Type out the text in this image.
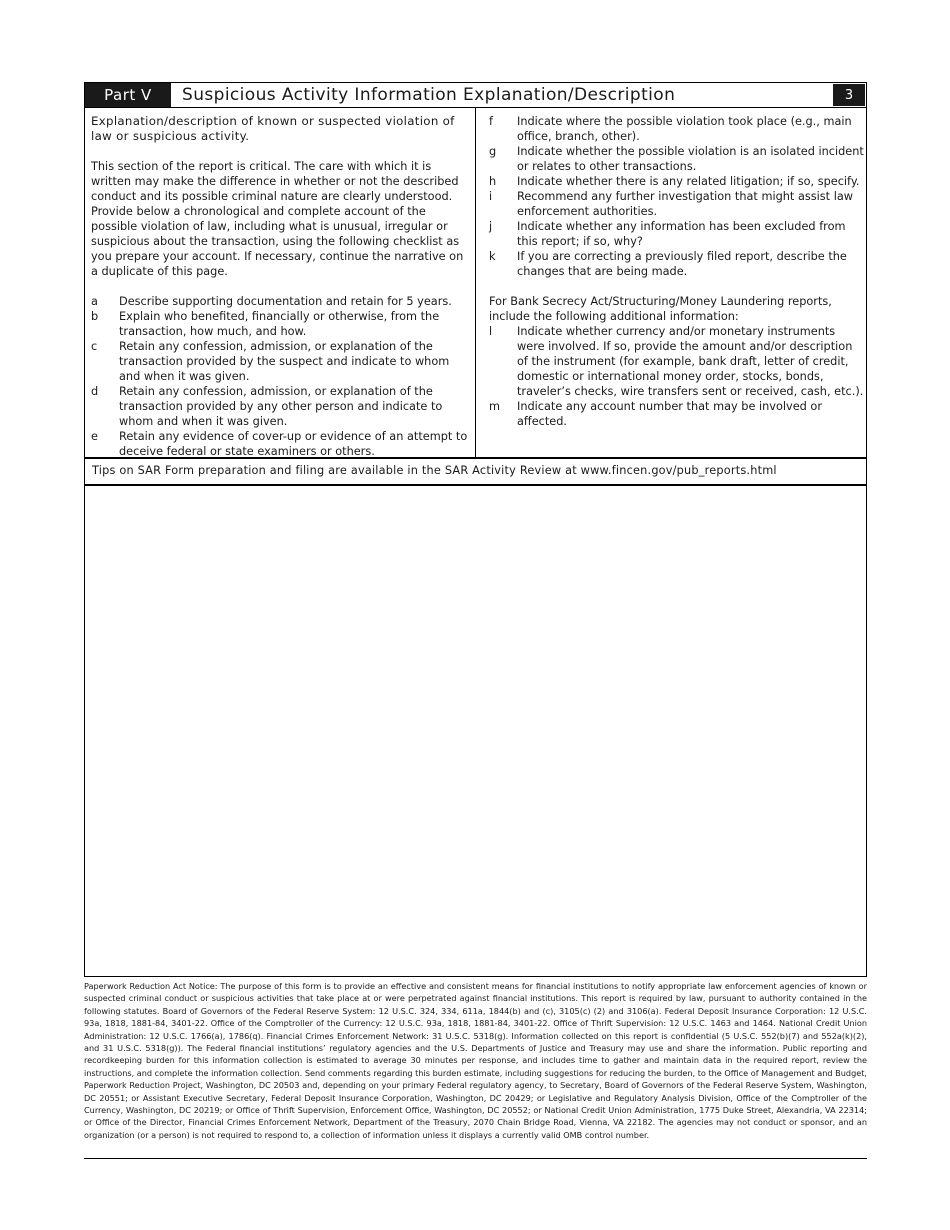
Part V	Suspicious Activity Information Explanation/Description	3
Explanation/description of known or suspected violation of law or suspicious activity.
This section of the report is critical. The care with which it is written may make the difference in whether or not the described conduct and its possible criminal nature are clearly understood. Provide below a chronological and complete account of the possible violation of law, including what is unusual, irregular or suspicious about the transaction, using the following checklist as you prepare your account. If necessary, continue the narrative on a duplicate of this page.
a	Describe supporting documentation and retain for 5 years.
b	Explain who benefited, financially or otherwise, from the transaction, how much, and how.
c	Retain any confession, admission, or explanation of the transaction provided by the suspect and indicate to whom and when it was given.
d	Retain any confession, admission, or explanation of the transaction provided by any other person and indicate to whom and when it was given.
e	Retain any evidence of cover-up or evidence of an attempt to deceive federal or state examiners or others.
f	Indicate where the possible violation took place (e.g., main office, branch, other).
g	Indicate whether the possible violation is an isolated incident or relates to other transactions.
h	Indicate whether there is any related litigation; if so, specify.
i	Recommend any further investigation that might assist law enforcement authorities.
j	Indicate whether any information has been excluded from this report; if so, why?
k	If you are correcting a previously filed report, describe the changes that are being made.
For Bank Secrecy Act/Structuring/Money Laundering reports, include the following additional information:
l	Indicate whether currency and/or monetary instruments were involved. If so, provide the amount and/or description of the instrument (for example, bank draft, letter of credit, domestic or international money order, stocks, bonds, traveler’s checks, wire transfers sent or received, cash, etc.).
m	Indicate any account number that may be involved or affected.
Tips on SAR Form preparation and filing are available in the SAR Activity Review at www.fincen.gov/pub_reports.html
Paperwork Reduction Act Notice: The purpose of this form is to provide an effective and consistent means for financial institutions to notify appropriate law enforcement agencies of known or suspected criminal conduct or suspicious activities that take place at or were perpetrated against financial institutions. This report is required by law, pursuant to authority contained in the following statutes. Board of Governors of the Federal Reserve System: 12 U.S.C. 324, 334, 611a, 1844(b) and (c), 3105(c) (2) and 3106(a). Federal Deposit Insurance Corporation: 12 U.S.C. 93a, 1818, 1881-84, 3401-22. Office of the Comptroller of the Currency: 12 U.S.C. 93a, 1818, 1881-84, 3401-22. Office of Thrift Supervision: 12 U.S.C. 1463 and 1464. National Credit Union Administration: 12 U.S.C. 1766(a), 1786(q). Financial Crimes Enforcement Network: 31 U.S.C. 5318(g). Information collected on this report is confidential (5 U.S.C. 552(b)(7) and 552a(k)(2), and 31 U.S.C. 5318(g)). The Federal financial institutions’ regulatory agencies and the U.S. Departments of Justice and Treasury may use and share the information. Public reporting and recordkeeping burden for this information collection is estimated to average 30 minutes per response, and includes time to gather and maintain data in the required report, review the instructions, and complete the information collection. Send comments regarding this burden estimate, including suggestions for reducing the burden, to the Office of Management and Budget, Paperwork Reduction Project, Washington, DC 20503 and, depending on your primary Federal regulatory agency, to Secretary, Board of Governors of the Federal Reserve System, Washington, DC 20551; or Assistant Executive Secretary, Federal Deposit Insurance Corporation, Washington, DC 20429; or Legislative and Regulatory Analysis Division, Office of the Comptroller of the Currency, Washington, DC 20219; or Office of Thrift Supervision, Enforcement Office, Washington, DC 20552; or National Credit Union Administration, 1775 Duke Street, Alexandria, VA 22314; or Office of the Director, Financial Crimes Enforcement Network, Department of the Treasury, 2070 Chain Bridge Road, Vienna, VA 22182. The agencies may not conduct or sponsor, and an organization (or a person) is not required to respond to, a collection of information unless it displays a currently valid OMB control number.
